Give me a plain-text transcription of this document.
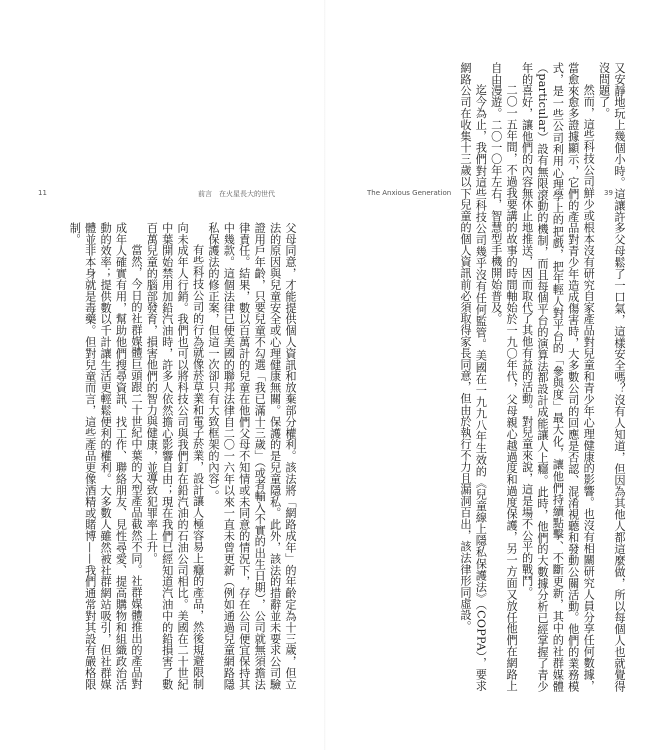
11	前言　在火星長大的世代

父母同意，才能提供個人資訊和放棄部分權利。該法將「網路成年」的年齡定為十三歲，但立法的原因與兒童安全或心理健康無關。保護的是兒童隱私。此外，該法的措辭並未要求公司驗證用戶年齡，只要兒童不勾選「我已滿十三歲」（或者輸入不實的出生日期），公司就無須擔法律責任。結果，數以百萬計的兒童在他們父母不知情或未同意的情況下，存在公司便宜保持其中幾款。這個法律已使美國的聯邦法律自二〇一六年以來一直未曾更新（例如通過兒童網路隱私保護法的修正案，但這一次卻只有大致框架的內容）。

有些科技公司的行為就像菸草業和電子菸業，設計讓人極容易上癮的產品，然後規避限制向未成年人行銷。我們也可以將科技公司與我們釘在鉛汽油的石油公司相比。美國在二十世紀中葉開始禁用加鉛汽油時，許多人依然擔心影響自由；現在我們已經知道汽油中的鉛損害了數百萬兒童的腦部發育，損害他們的智力與健康，並導致犯罪率上升。

當然，今日的社群媒體巨頭跟二十世紀中葉的大型產品截然不同。社群媒體推出的產品對成年人確實有用，幫助他們搜尋資訊、找工作、聯絡朋友、見性尋愛、提高購物和組織政治活動的效率；提供數以千計讓生活更輕鬆便利的權利。大多數人雖然被社群網站吸引，但社群媒體並非本身就是毒藥。但對兒童而言，這些產品更像酒精或賭博——我們通常對其設有嚴格限制。

The Anxious Generation	39 又安靜地玩上幾個小時。這讓許多父母鬆了一口氣，這樣安全嗎？沒有人知道，但因為其他人都這麼做，所以每個人也就覺得沒問題了。

然而，這些科技公司鮮少或根本沒有研究自家產品對兒童和青少年心理健康的影響。也沒有相關研究人員分享任何數據，當愈來愈多證據顯示，它們的產品對青少年造成傷害時，大多數公司的回應是否認、混淆視聽和發動公關活動。他們的業務模式，是一些公司利用心理學上的把戲，把年輕人對平台的「參與度」最大化，讓他們持續點擊、不斷更新，其中的社群媒體（particular）設有無限滾動的機制，而且每個平台的演算法都設計成能讓人上癮。此時，他們的大數據分析已經掌握了青少年的喜好，讓他們的內容無休止地推送，因而取代了其他有益的活動。對兒童來說，這是場不公平的戰鬥。

二〇一五年間，不過我要講的故事的時間軸始於一九〇年代，父母親心越過度和過度保護，另一方面又放任他們在網路上自由漫遊。二〇一〇年左右，智慧型手機開始普及。

迄今為止，我們對這些科技公司幾乎沒有任何監管。美國在一九九八年生效的《兒童線上隱私保護法》（COPPA），要求網路公司在收集十三歲以下兒童的個人資訊前必須取得家長同意，但由於執行不力且漏洞百出，該法律形同虛設。
